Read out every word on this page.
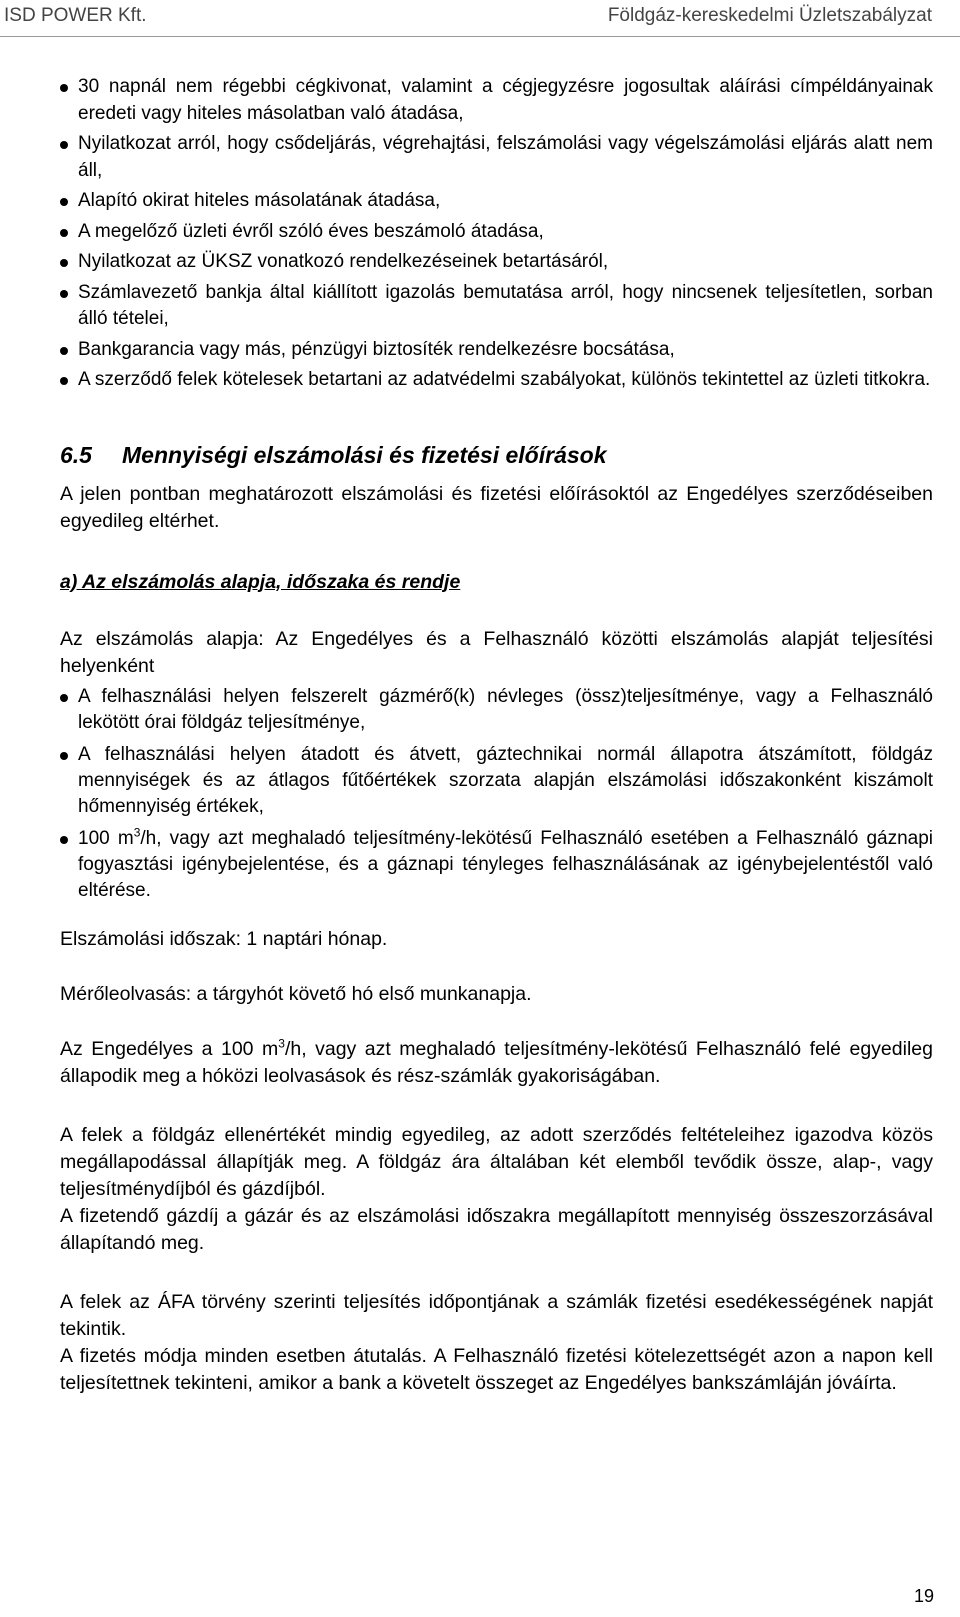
ISD POWER Kft.	Földgáz-kereskedelmi Üzletszabályzat
30 napnál nem régebbi cégkivonat, valamint a cégjegyzésre jogosultak aláírási címpéldányainak eredeti vagy hiteles másolatban való átadása,
Nyilatkozat arról, hogy csődeljárás, végrehajtási, felszámolási vagy végelszámolási eljárás alatt nem áll,
Alapító okirat hiteles másolatának átadása,
A megelőző üzleti évről szóló éves beszámoló átadása,
Nyilatkozat az ÜKSZ vonatkozó rendelkezéseinek betartásáról,
Számlavezető bankja által kiállított igazolás bemutatása arról, hogy nincsenek teljesítetlen, sorban álló tételei,
Bankgarancia vagy más, pénzügyi biztosíték rendelkezésre bocsátása,
A szerződő felek kötelesek betartani az adatvédelmi szabályokat, különös tekintettel az üzleti titkokra.
6.5	Mennyiségi elszámolási és fizetési előírások

A jelen pontban meghatározott elszámolási és fizetési előírásoktól az Engedélyes szerződéseiben egyedileg eltérhet.

a) Az elszámolás alapja, időszaka és rendje

Az elszámolás alapja: Az Engedélyes és a Felhasználó közötti elszámolás alapját teljesítési helyenként

A felhasználási helyen felszerelt gázmérő(k) névleges (össz)teljesítménye, vagy a Felhasználó lekötött órai földgáz teljesítménye,
A felhasználási helyen átadott és átvett, gáztechnikai normál állapotra átszámított, földgáz mennyiségek és az átlagos fűtőértékek szorzata alapján elszámolási időszakonként kiszámolt hőmennyiség értékek,
100 $m^3/h$, vagy azt meghaladó teljesítmény-lekötésű Felhasználó esetében a Felhasználó gáznapi fogyasztási igénybejelentése, és a gáznapi tényleges felhasználásának az igénybejelentéstől való eltérése.

Elszámolási időszak: 1 naptári hónap.

Mérőleolvasás: a tárgyhót követő hó első munkanapja.

Az Engedélyes a 100 $m^3/h$, vagy azt meghaladó teljesítmény-lekötésű Felhasználó felé egyedileg állapodik meg a hóközi leolvasások és rész-számlák gyakoriságában.

A felek a földgáz ellenértékét mindig egyedileg, az adott szerződés feltételeihez igazodva közös megállapodással állapítják meg. A földgáz ára általában két elemből tevődik össze, alap-, vagy teljesítménydíjból és gázdíjból.

A fizetendő gázdíj a gázár és az elszámolási időszakra megállapított mennyiség összeszorzásával állapítandó meg.

A felek az ÁFA törvény szerinti teljesítés időpontjának a számlák fizetési esedékességének napját tekintik.

A fizetés módja minden esetben átutalás. A Felhasználó fizetési kötelezettségét azon a napon kell teljesítettnek tekinteni, amikor a bank a követelt összeget az Engedélyes bankszámláján jóváírta.

19
